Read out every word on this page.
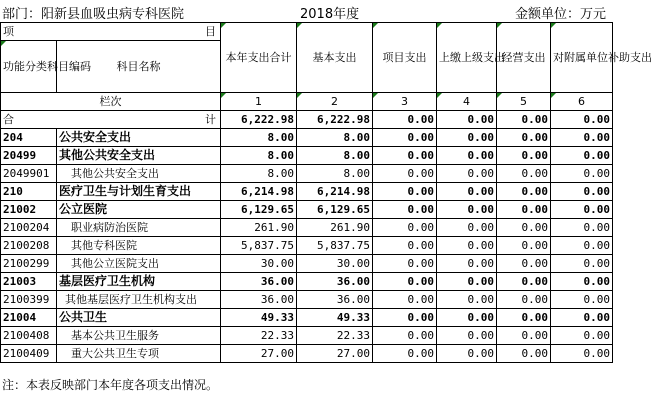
部门：阳新县血吸虫病专科医院	2018年度	金额单位：万元
项 目		本年支出合计	基本支出	项目支出	上缴上级支出	经营支出	对附属单位补助支出
功能分类科目编码	科目名称						
栏次		1	2	3	4	5	6
合 计		6,222.98	6,222.98	0.00	0.00	0.00	0.00
204	公共安全支出	8.00	8.00	0.00	0.00	0.00	0.00
20499	其他公共安全支出	8.00	8.00	0.00	0.00	0.00	0.00
2049901	其他公共安全支出	8.00	8.00	0.00	0.00	0.00	0.00
210	医疗卫生与计划生育支出	6,214.98	6,214.98	0.00	0.00	0.00	0.00
21002	公立医院	6,129.65	6,129.65	0.00	0.00	0.00	0.00
2100204	职业病防治医院	261.90	261.90	0.00	0.00	0.00	0.00
2100208	其他专科医院	5,837.75	5,837.75	0.00	0.00	0.00	0.00
2100299	其他公立医院支出	30.00	30.00	0.00	0.00	0.00	0.00
21003	基层医疗卫生机构	36.00	36.00	0.00	0.00	0.00	0.00
2100399	其他基层医疗卫生机构支出	36.00	36.00	0.00	0.00	0.00	0.00
21004	公共卫生	49.33	49.33	0.00	0.00	0.00	0.00
2100408	基本公共卫生服务	22.33	22.33	0.00	0.00	0.00	0.00
2100409	重大公共卫生专项	27.00	27.00	0.00	0.00	0.00	0.00
注：本表反映部门本年度各项支出情况。
